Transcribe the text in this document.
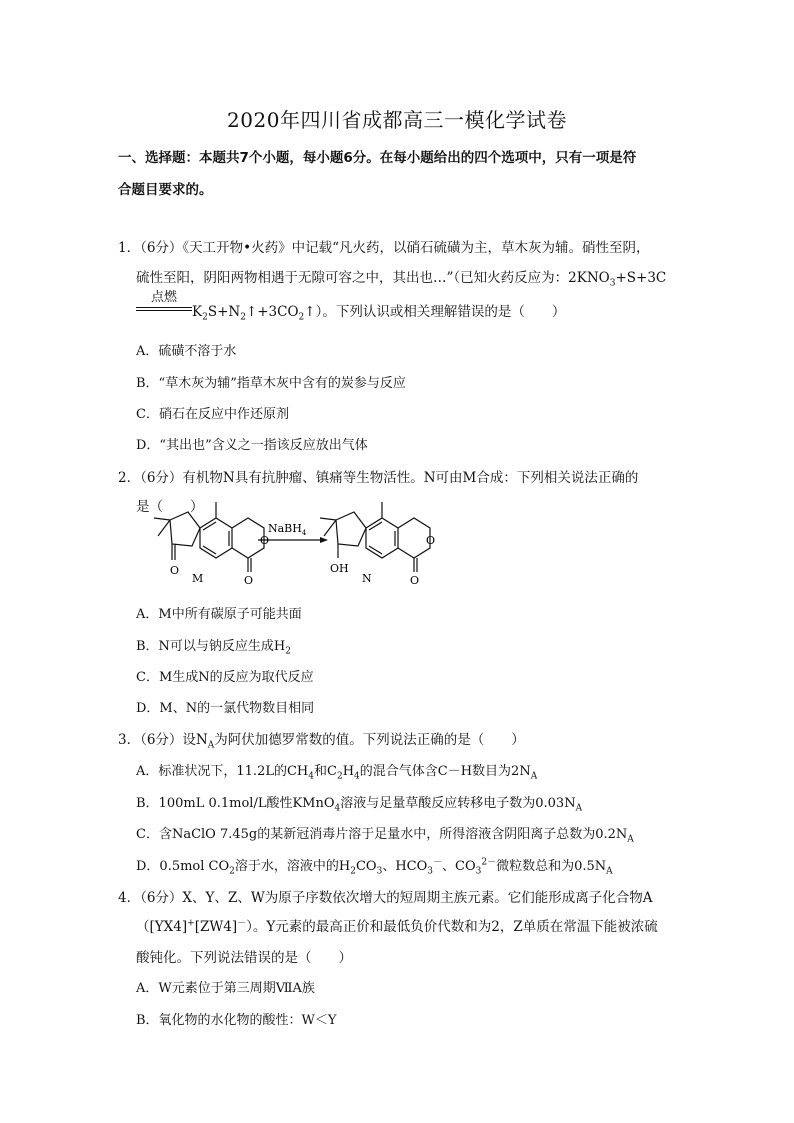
2020年四川省成都高三一模化学试卷
一、选择题：本题共7个小题，每小题6分。在每小题给出的四个选项中，只有一项是符
合题目要求的。
1．（6分）《天工开物•火药》中记载“凡火药，以硝石硫磺为主，草木灰为辅。硝性至阴，
硫性至阳，阴阳两物相遇于无隙可容之中，其出也…”（已知火药反应为：$2KNO_3+S+3C$
点燃
$K_2S+N_2↑+3CO_2↑$）。下列认识或相关理解错误的是（　　）
A．硫磺不溶于水
B．“草木灰为辅”指草木灰中含有的炭参与反应
C．硝石在反应中作还原剂
D．“其出也”含义之一指该反应放出气体
2．（6分）有机物N具有抗肿瘤、镇痛等生物活性。N可由M合成：下列相关说法正确的
是（　　）
O
O
O
M
NaBH$_4$
OH
O
O
N
A．M中所有碳原子可能共面
B．N可以与钠反应生成$H_2$
C．M生成N的反应为取代反应
D．M、N的一氯代物数目相同
3．（6分）设$N_A$为阿伏加德罗常数的值。下列说法正确的是（　　）
A．标准状况下，11.2L的$CH_4$和$C_2H_4$的混合气体含C－H数目为$2N_A$
B．100mL 0.1mol/L酸性KMnO$_4$溶液与足量草酸反应转移电子数为$0.03N_A$
C．含NaClO 7.45g的某新冠消毒片溶于足量水中，所得溶液含阴阳离子总数为$0.2N_A$
D．0.5mol $CO_2$溶于水，溶液中的$H_2CO_3$、$HCO_3^-$、$CO_3^{2-}$微粒数总和为$0.5N_A$
4．（6分）X、Y、Z、W为原子序数依次增大的短周期主族元素。它们能形成离子化合物A
（[YX4]+[ZW4]－）。Y元素的最高正价和最低负价代数和为2，Z单质在常温下能被浓硫
酸钝化。下列说法错误的是（　　）
A．W元素位于第三周期ⅦA族
B．氧化物的水化物的酸性：W＜Y
